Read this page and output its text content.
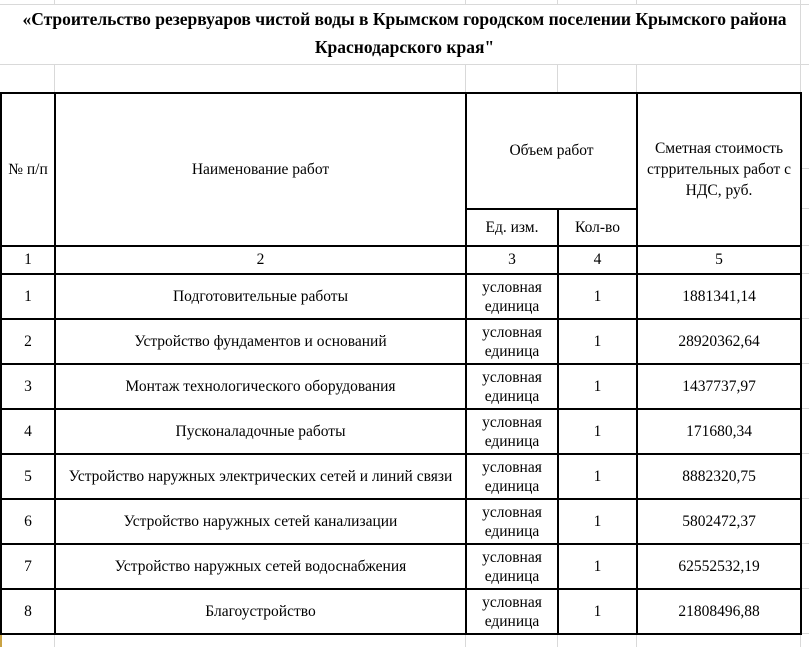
«Строительство резервуаров чистой воды в Крымском городском поселении Крымского района Краснодарского края"
№ п/п	Наименование работ	Объем работ		Сметная стоимость стррительных работ с НДС, руб.
		Ед. изм.	Кол-во	
1	2	3	4	5
1	Подготовительные работы	условная единица	1	1881341,14
2	Устройство фундаментов и оснований	условная единица	1	28920362,64
3	Монтаж технологического оборудования	условная единица	1	1437737,97
4	Пусконаладочные работы	условная единица	1	171680,34
5	Устройство наружных электрических сетей и линий связи	условная единица	1	8882320,75
6	Устройство наружных сетей канализации	условная единица	1	5802472,37
7	Устройство наружных сетей водоснабжения	условная единица	1	62552532,19
8	Благоустройство	условная единица	1	21808496,88
